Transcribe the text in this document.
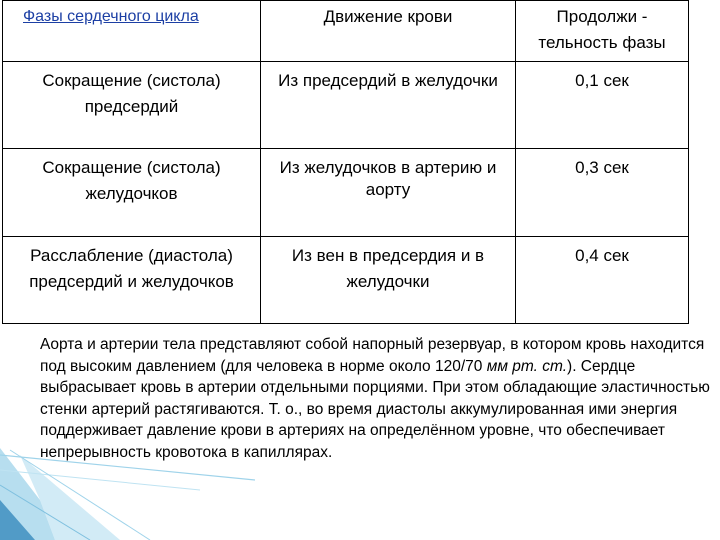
Фазы сердечного цикла	Движение крови	Продолжи - тельность фазы

Сокращение (систола) предсердий	Из предсердий в желудочки	0,1 сек

Сокращение (систола) желудочков	Из желудочков в артерию и аорту	0,3 сек

Расслабление (диастола) предсердий и желудочков	Из вен в предсердия и в желудочки	0,4 сек

Аорта и артерии тела представляют собой напорный резервуар, в котором кровь находится под высоким давлением (для человека в норме около 120/70 мм рт. ст.). Сердце выбрасывает кровь в артерии отдельными порциями. При этом обладающие эластичностью стенки артерий растягиваются. Т. о., во время диастолы аккумулированная ими энергия поддерживает давление крови в артериях на определённом уровне, что обеспечивает непрерывность кровотока в капиллярах.
